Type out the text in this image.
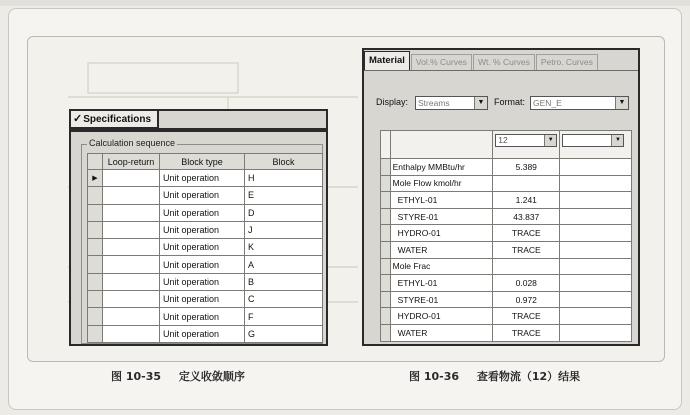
✓ Specifications
Calculation sequence
	Loop-return	Block type	Block
▶		Unit operation	H
		Unit operation	E
		Unit operation	D
		Unit operation	J
		Unit operation	K
		Unit operation	A
		Unit operation	B
		Unit operation	C
		Unit operation	F
		Unit operation	G
Material	Vol.% Curves	Wt. % Curves	Petro. Curves
Display:	Streams	▼ Format: GEN_E	▼
		12 ▼	▼

	Enthalpy MMBtu/hr	5.389	
	Mole Flow kmol/hr		
	ETHYL-01	1.241	
	STYRE-01	43.837	
	HYDRO-01	TRACE	
	WATER	TRACE	
	Mole Frac		
	ETHYL-01	0.028	
	STYRE-01	0.972	
	HYDRO-01	TRACE	
	WATER	TRACE	
图 10-35 定义收敛顺序	图 10-36 查看物流（12）结果
